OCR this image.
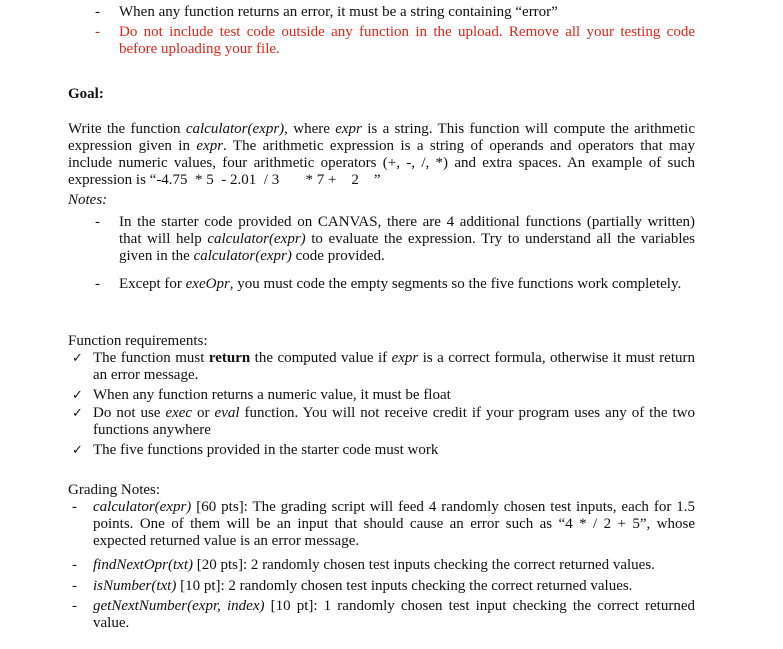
-	When any function returns an error, it must be a string containing “error”
-	Do not include test code outside any function in the upload. Remove all your testing code before uploading your file.
Goal:
Write the function calculator(expr), where expr is a string. This function will compute the arithmetic expression given in expr. The arithmetic expression is a string of operands and operators that may include numeric values, four arithmetic operators (+, -, /, *) and extra spaces. An example of such expression is “-4.75  * 5  - 2.01  / 3       * 7 +    2    ”
Notes:
-	In the starter code provided on CANVAS, there are 4 additional functions (partially written) that will help calculator(expr) to evaluate the expression. Try to understand all the variables given in the calculator(expr) code provided.
-	Except for exeOpr, you must code the empty segments so the five functions work completely.
Function requirements:
✓ The function must return the computed value if expr is a correct formula, otherwise it must return an error message.
✓ When any function returns a numeric value, it must be float
✓ Do not use exec or eval function. You will not receive credit if your program uses any of the two functions anywhere
✓ The five functions provided in the starter code must work
Grading Notes:
-	calculator(expr) [60 pts]: The grading script will feed 4 randomly chosen test inputs, each for 1.5 points. One of them will be an input that should cause an error such as “4 * / 2 + 5”, whose expected returned value is an error message.
-	findNextOpr(txt) [20 pts]: 2 randomly chosen test inputs checking the correct returned values.
-	isNumber(txt) [10 pt]: 2 randomly chosen test inputs checking the correct returned values.
-	getNextNumber(expr, index) [10 pt]: 1 randomly chosen test input checking the correct returned value.
